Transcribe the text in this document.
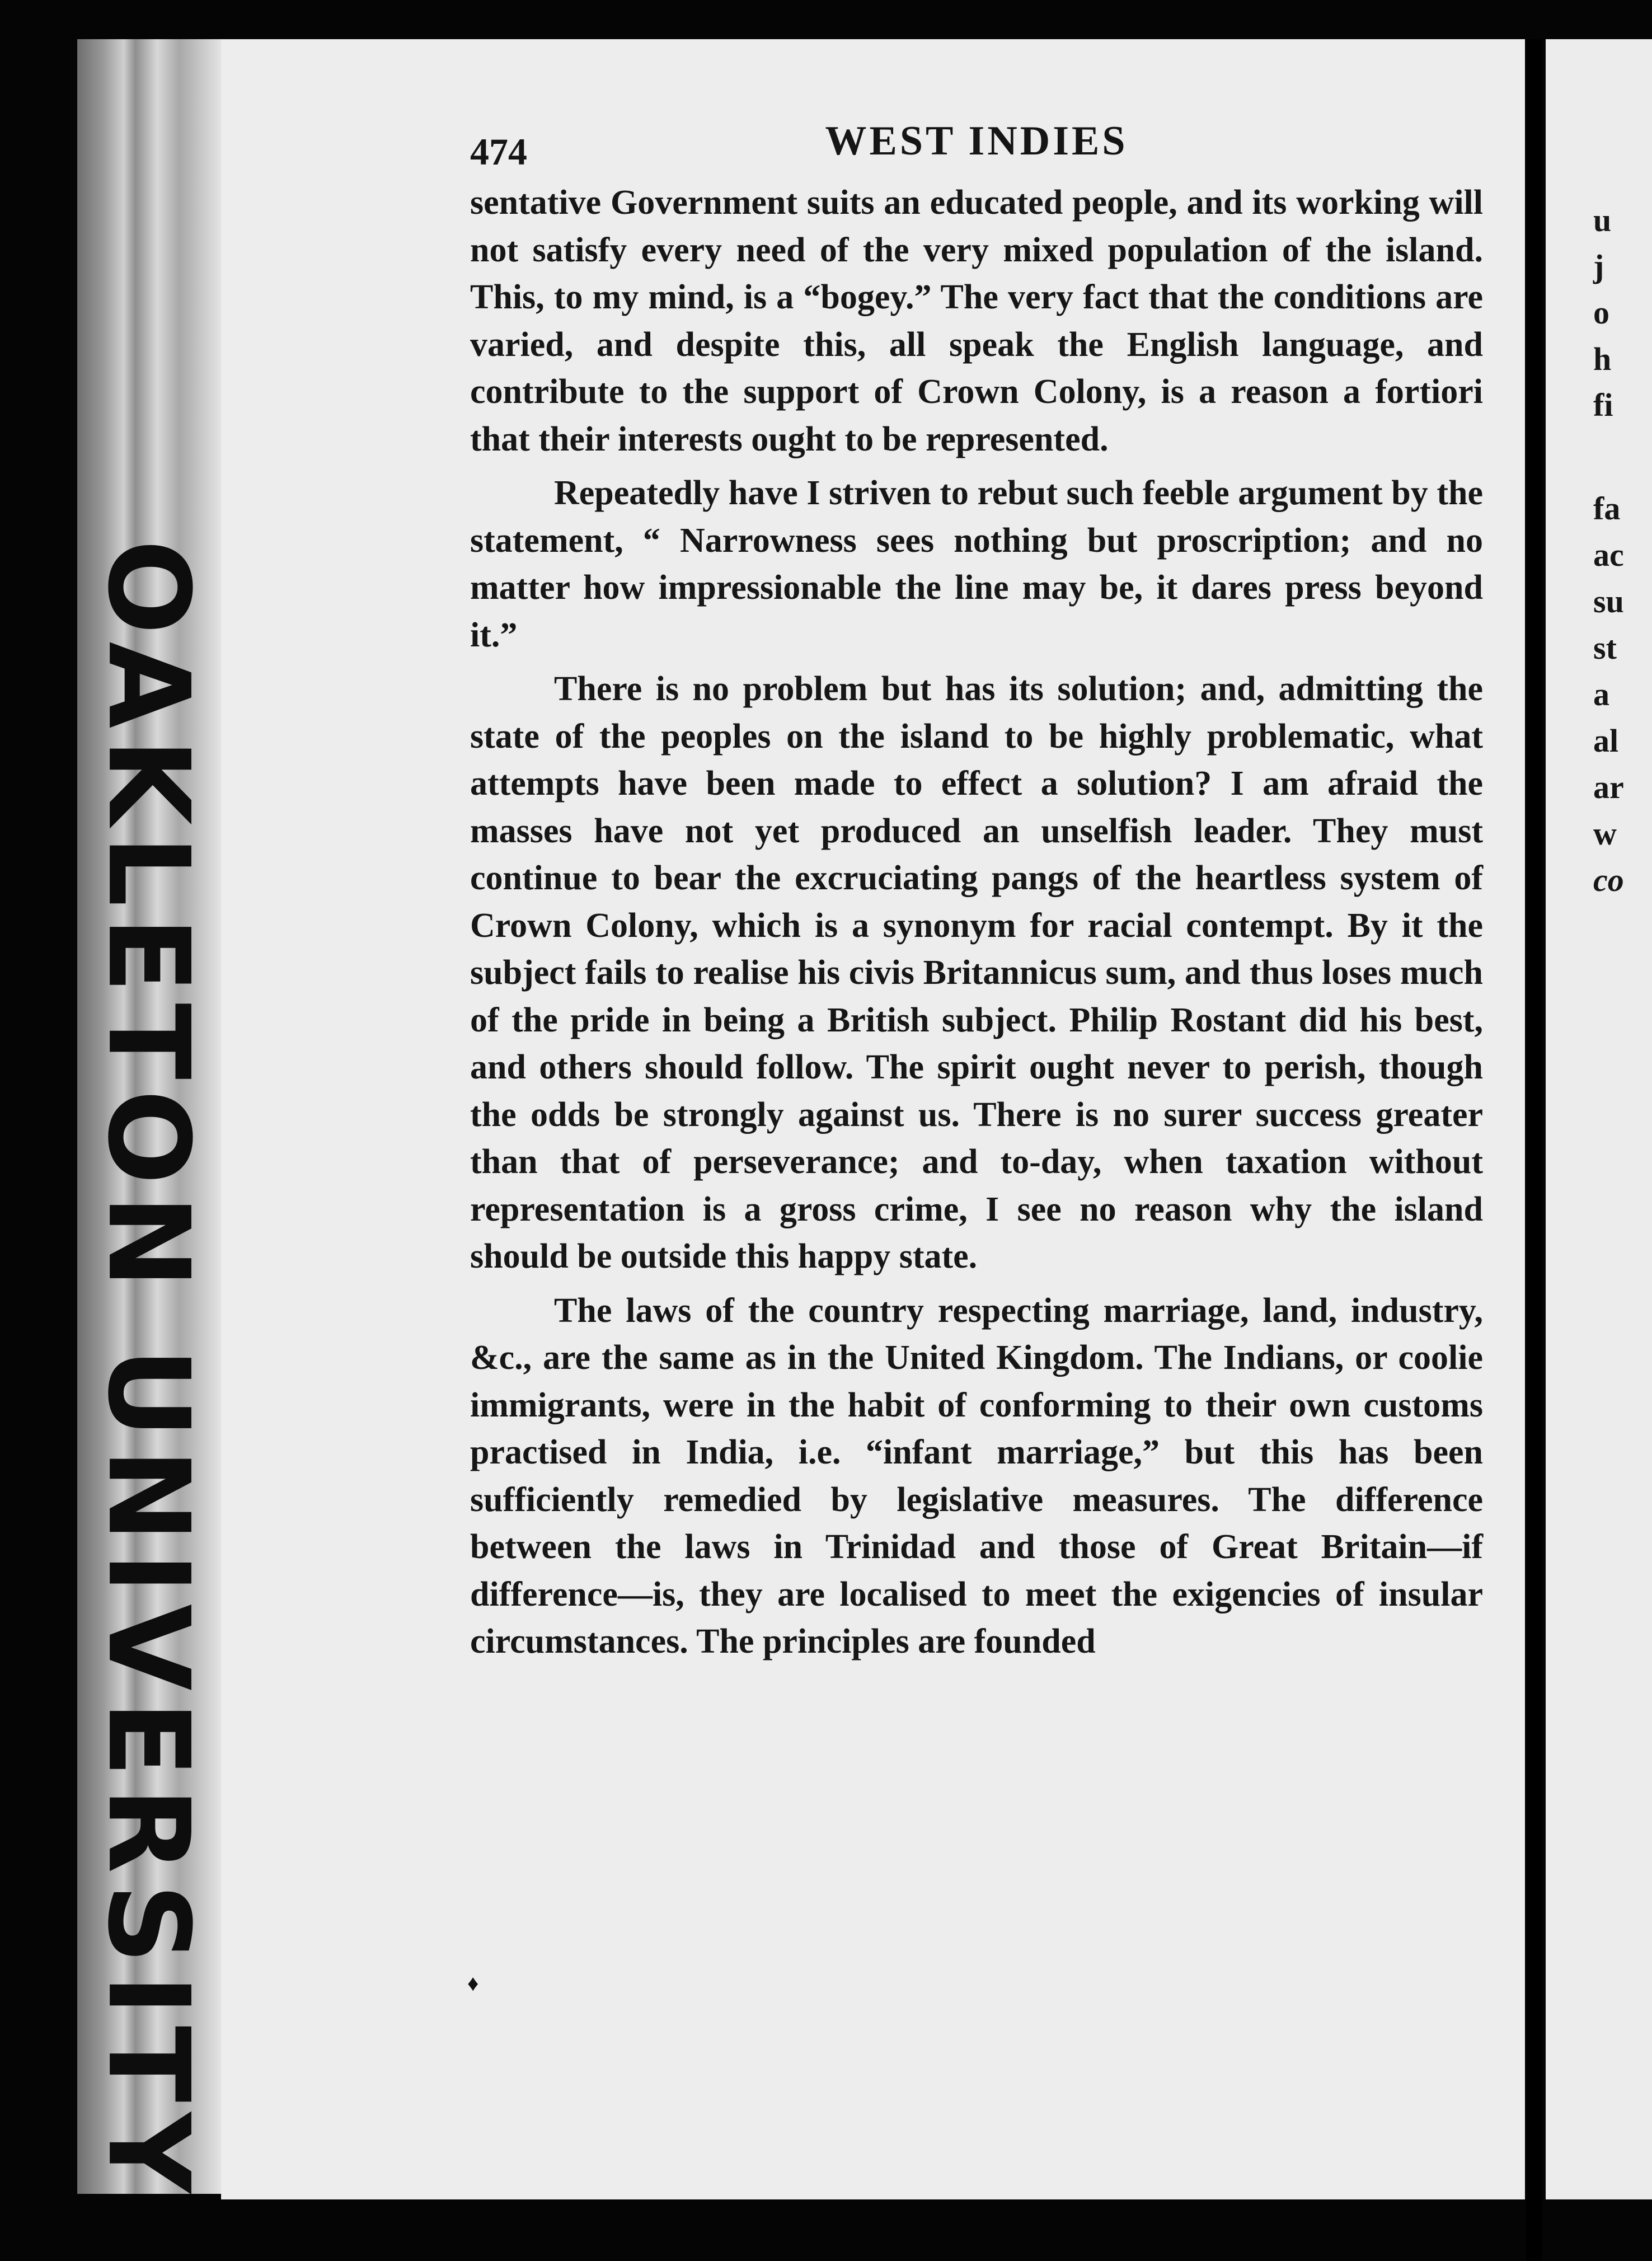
OAKLETON UNIVERSITY
474	WEST INDIES

sentative Government suits an educated people, and its working will not satisfy every need of the very mixed population of the island. This, to my mind, is a “bogey.” The very fact that the conditions are varied, and despite this, all speak the English language, and contribute to the support of Crown Colony, is a reason a fortiori that their interests ought to be represented.

Repeatedly have I striven to rebut such feeble argument by the statement, “ Narrowness sees nothing but proscription; and no matter how impressionable the line may be, it dares press beyond it.”

There is no problem but has its solution; and, admitting the state of the peoples on the island to be highly problematic, what attempts have been made to effect a solution? I am afraid the masses have not yet produced an unselfish leader. They must continue to bear the excruciating pangs of the heartless system of Crown Colony, which is a synonym for racial contempt. By it the subject fails to realise his civis Britannicus sum, and thus loses much of the pride in being a British subject. Philip Rostant did his best, and others should follow. The spirit ought never to perish, though the odds be strongly against us. There is no surer success greater than that of perseverance; and to-day, when taxation without representation is a gross crime, I see no reason why the island should be outside this happy state.

The laws of the country respecting marriage, land, industry, &c., are the same as in the United Kingdom. The Indians, or coolie immigrants, were in the habit of conforming to their own customs practised in India, i.e. “infant marriage,” but this has been sufficiently remedied by legislative measures. The difference between the laws in Trinidad and those of Great Britain—if difference—is, they are localised to meet the exigencies of insular circumstances. The principles are founded

♦
u
j
o
h
fi
fa
ac
su
st
a
al
ar
w
co
